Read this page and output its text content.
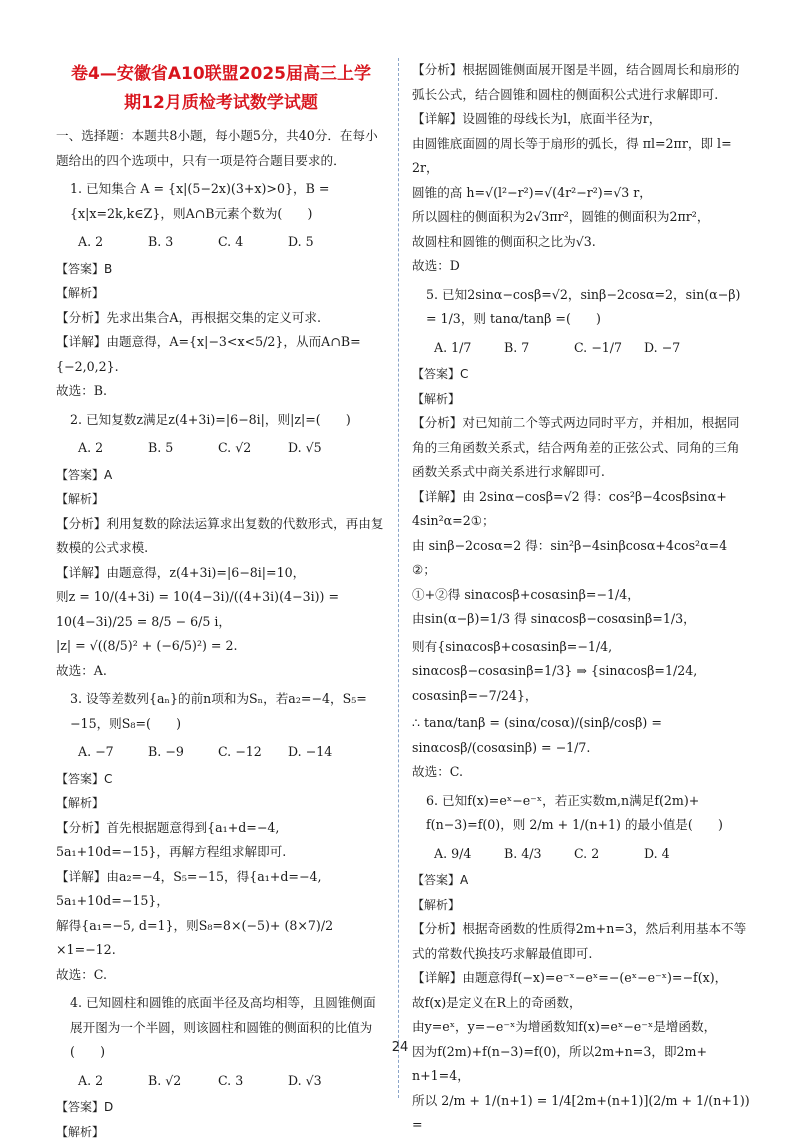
卷4—安徽省A10联盟2025届高三上学
期12月质检考试数学试题

一、选择题：本题共8小题，每小题5分，共40分．在每小题给出的四个选项中，只有一项是符合题目要求的．

1. 已知集合 A = {x|(5−2x)(3+x)>0}，B = {x|x=2k,k∈Z}，则A∩B元素个数为(　　)

A. 2	B. 3	C. 4	D. 5

【答案】B

【解析】

【分析】先求出集合A，再根据交集的定义可求.

【详解】由题意得，A={x|−3<x<5/2}，从而A∩B= {−2,0,2}.

故选：B.

2. 已知复数z满足z(4+3i)=|6−8i|，则|z|=(　　)

A. 2	B. 5	C. √2	D. √5

【答案】A

【解析】

【分析】利用复数的除法运算求出复数的代数形式，再由复数模的公式求模.

【详解】由题意得，z(4+3i)=|6−8i|=10，

则z = 10/(4+3i) = 10(4−3i)/((4+3i)(4−3i)) = 10(4−3i)/25 = 8/5 − 6/5 i，

|z| = √((8/5)² + (−6/5)²) = 2.

故选：A.

3. 设等差数列{aₙ}的前n项和为Sₙ，若a₂=−4，S₅= −15，则S₈=(　　)

A. −7	B. −9	C. −12	D. −14

【答案】C

【解析】

【分析】首先根据题意得到{a₁+d=−4, 5a₁+10d=−15}，再解方程组求解即可.

【详解】由a₂=−4，S₅=−15，得{a₁+d=−4, 5a₁+10d=−15}，

解得{a₁=−5, d=1}，则S₈=8×(−5)+ (8×7)/2 ×1=−12.

故选：C.

4. 已知圆柱和圆锥的底面半径及高均相等，且圆锥侧面展开图为一个半圆，则该圆柱和圆锥的侧面积的比值为(　　)

A. 2	B. √2	C. 3	D. √3

【答案】D

【解析】

【分析】根据圆锥侧面展开图是半圆，结合圆周长和扇形的弧长公式，结合圆锥和圆柱的侧面积公式进行求解即可.

【详解】设圆锥的母线长为l，底面半径为r，

由圆锥底面圆的周长等于扇形的弧长，得 πl=2πr，即 l= 2r，

圆锥的高 h=√(l²−r²)=√(4r²−r²)=√3 r，

所以圆柱的侧面积为2√3πr²，圆锥的侧面积为2πr²，

故圆柱和圆锥的侧面积之比为√3.

故选：D

5. 已知2sinα−cosβ=√2，sinβ−2cosα=2，sin(α−β) = 1/3，则 tanα/tanβ =(　　)

A. 1/7	B. 7	C. −1/7	D. −7

【答案】C

【解析】

【分析】对已知前二个等式两边同时平方，并相加，根据同角的三角函数关系式，结合两角差的正弦公式、同角的三角函数关系式中商关系进行求解即可.

【详解】由 2sinα−cosβ=√2 得：cos²β−4cosβsinα+ 4sin²α=2①；

由 sinβ−2cosα=2 得：sin²β−4sinβcosα+4cos²α=4 ②；

①+②得 sinαcosβ+cosαsinβ=−1/4，

由sin(α−β)=1/3 得 sinαcosβ−cosαsinβ=1/3，

则有{sinαcosβ+cosαsinβ=−1/4, sinαcosβ−cosαsinβ=1/3} ⇒ {sinαcosβ=1/24, cosαsinβ=−7/24}，

∴ tanα/tanβ = (sinα/cosα)/(sinβ/cosβ) = sinαcosβ/(cosαsinβ) = −1/7.

故选：C.

6. 已知f(x)=eˣ−e⁻ˣ，若正实数m,n满足f(2m)+ f(n−3)=f(0)，则 2/m + 1/(n+1) 的最小值是(　　)

A. 9/4	B. 4/3	C. 2	D. 4

【答案】A

【解析】

【分析】根据奇函数的性质得2m+n=3，然后利用基本不等式的常数代换技巧求解最值即可.

【详解】由题意得f(−x)=e⁻ˣ−eˣ=−(eˣ−e⁻ˣ)=−f(x)，

故f(x)是定义在R上的奇函数，

由y=eˣ，y=−e⁻ˣ为增函数知f(x)=eˣ−e⁻ˣ是增函数，

因为f(2m)+f(n−3)=f(0)，所以2m+n=3，即2m+ n+1=4，

所以 2/m + 1/(n+1) = 1/4[2m+(n+1)](2/m + 1/(n+1)) =

24
